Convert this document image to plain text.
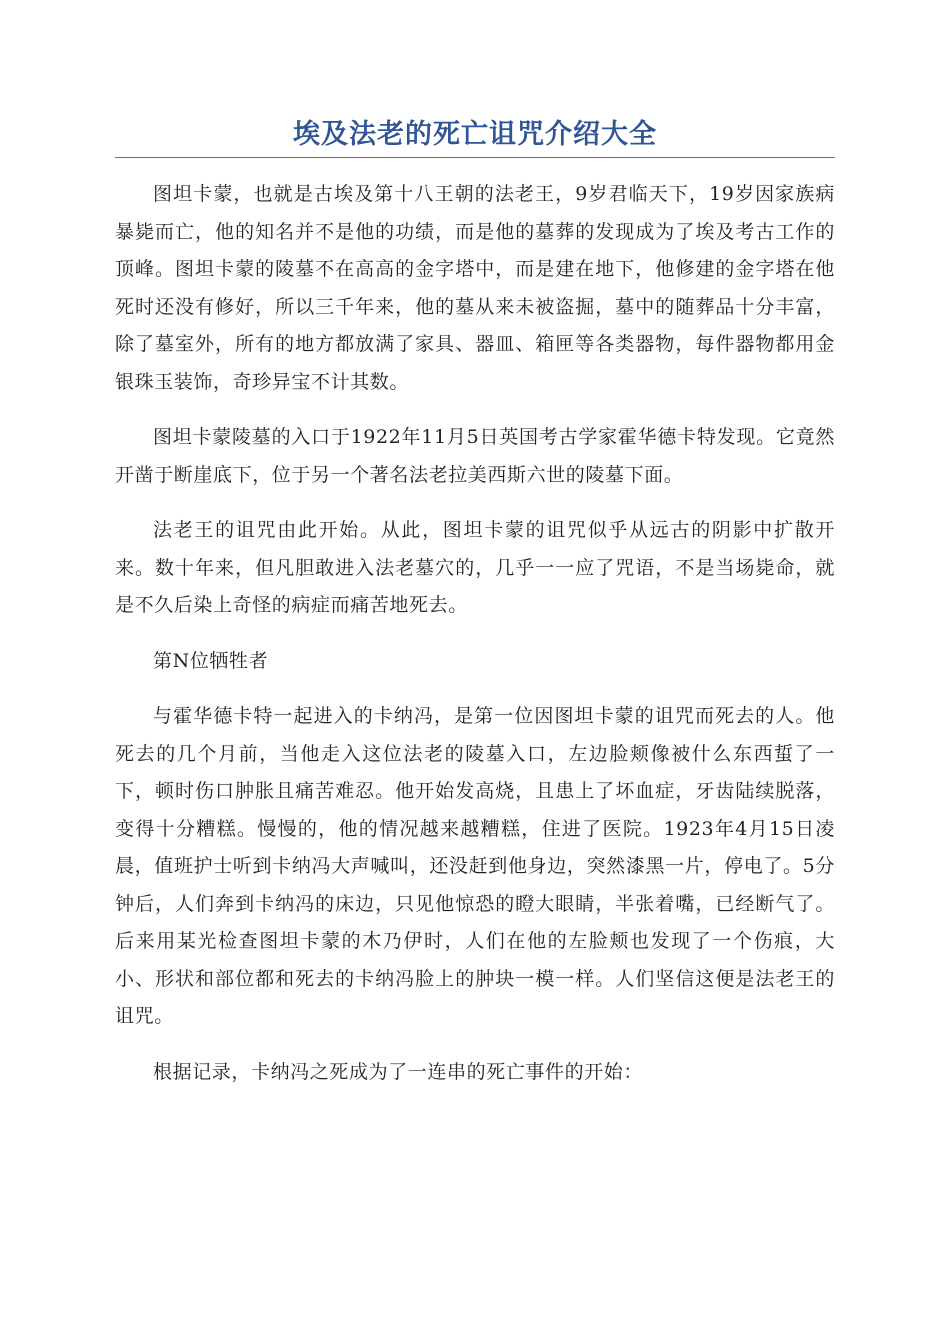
埃及法老的死亡诅咒介绍大全

图坦卡蒙，也就是古埃及第十八王朝的法老王，9岁君临天下，19岁因家族病暴毙而亡，他的知名并不是他的功绩，而是他的墓葬的发现成为了埃及考古工作的顶峰。图坦卡蒙的陵墓不在高高的金字塔中，而是建在地下，他修建的金字塔在他死时还没有修好，所以三千年来，他的墓从来未被盗掘，墓中的随葬品十分丰富，除了墓室外，所有的地方都放满了家具、器皿、箱匣等各类器物，每件器物都用金银珠玉装饰，奇珍异宝不计其数。

图坦卡蒙陵墓的入口于1922年11月5日英国考古学家霍华德卡特发现。它竟然开凿于断崖底下，位于另一个著名法老拉美西斯六世的陵墓下面。

法老王的诅咒由此开始。从此，图坦卡蒙的诅咒似乎从远古的阴影中扩散开来。数十年来，但凡胆敢进入法老墓穴的，几乎一一应了咒语，不是当场毙命，就是不久后染上奇怪的病症而痛苦地死去。

第N位牺牲者

与霍华德卡特一起进入的卡纳冯，是第一位因图坦卡蒙的诅咒而死去的人。他死去的几个月前，当他走入这位法老的陵墓入口，左边脸颊像被什么东西蜇了一下，顿时伤口肿胀且痛苦难忍。他开始发高烧，且患上了坏血症，牙齿陆续脱落，变得十分糟糕。慢慢的，他的情况越来越糟糕，住进了医院。1923年4月15日凌晨，值班护士听到卡纳冯大声喊叫，还没赶到他身边，突然漆黑一片，停电了。5分钟后，人们奔到卡纳冯的床边，只见他惊恐的瞪大眼睛，半张着嘴，已经断气了。后来用某光检查图坦卡蒙的木乃伊时，人们在他的左脸颊也发现了一个伤痕，大小、形状和部位都和死去的卡纳冯脸上的肿块一模一样。人们坚信这便是法老王的诅咒。

根据记录，卡纳冯之死成为了一连串的死亡事件的开始：
